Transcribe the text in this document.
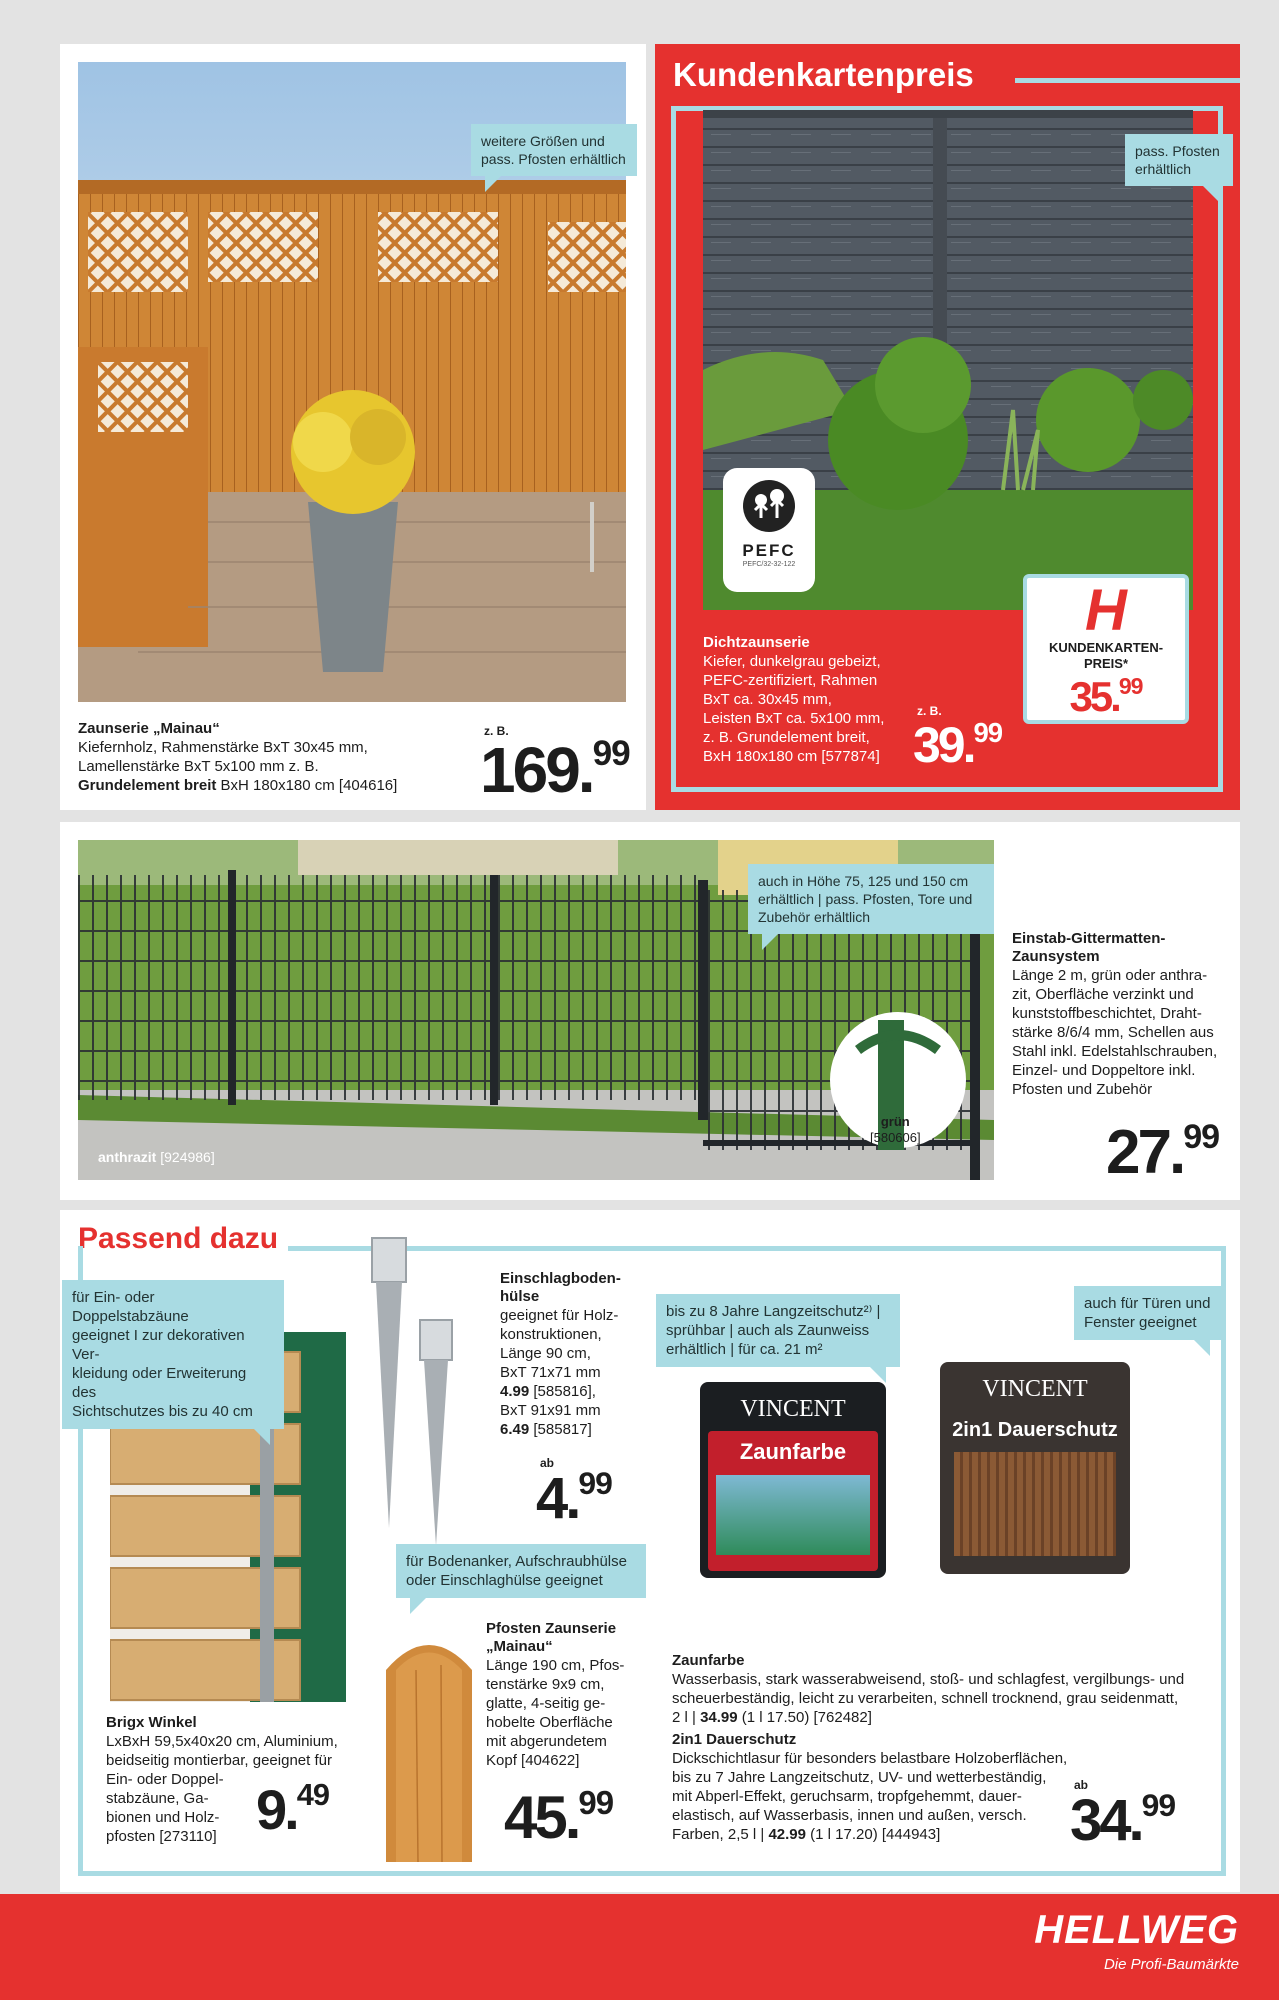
weitere Größen und pass. Pfosten erhältlich
Zaunserie „Mainau“
Kiefernholz, Rahmenstärke BxT 30x45 mm,
Lamellenstärke BxT 5x100 mm z. B.
Grundelement breit BxH 180x180 cm [404616]
z. B.
169.99
Kundenkartenpreis
pass. Pfosten erhältlich
PEFC
PEFC/32-32-122
Dichtzaunserie
Kiefer, dunkelgrau gebeizt,
PEFC-zertifiziert, Rahmen
BxT ca. 30x45 mm,
Leisten BxT ca. 5x100 mm,
z. B. Grundelement breit,
BxH 180x180 cm [577874]
z. B.
39.99
H
KUNDENKARTEN-
PREIS*
35.99
auch in Höhe 75, 125 und 150 cm
erhältlich | pass. Pfosten, Tore und
Zubehör erhältlich
anthrazit [924986]
grün
[580606]
Einstab-Gittermatten-
Zaunsystem
Länge 2 m, grün oder anthra-
zit, Oberfläche verzinkt und
kunststoffbeschichtet, Draht-
stärke 8/6/4 mm, Schellen aus
Stahl inkl. Edelstahlschrauben,
Einzel- und Doppeltore inkl.
Pfosten und Zubehör
27.99
Passend dazu
für Ein- oder Doppelstabzäune
geeignet I zur dekorativen Ver-
kleidung oder Erweiterung des
Sichtschutzes bis zu 40 cm
Brigx Winkel
LxBxH 59,5x40x20 cm, Aluminium,
beidseitig montierbar, geeignet für
Ein- oder Doppel-
stabzäune, Ga-
bionen und Holz-
pfosten [273110] 9.49
Einschlagboden-
hülse
geeignet für Holz-
konstruktionen,
Länge 90 cm,
BxT 71x71 mm
4.99 [585816],
BxT 91x91 mm
6.49 [585817]
ab
4.99
für Bodenanker, Aufschraubhülse
oder Einschlaghülse geeignet
Pfosten Zaunserie
„Mainau“
Länge 190 cm, Pfos-
tenstärke 9x9 cm,
glatte, 4-seitig ge-
hobelte Oberfläche
mit abgerundetem
Kopf [404622]
45.99
bis zu 8 Jahre Langzeitschutz²⁾ |
sprühbar | auch als Zaunweiss
erhältlich | für ca. 21 m²
VINCENT
Zaunfarbe
auch für Türen und
Fenster geeignet
VINCENT
2in1 Dauerschutz
Zaunfarbe
Wasserbasis, stark wasserabweisend, stoß- und schlagfest, vergilbungs- und
scheuerbeständig, leicht zu verarbeiten, schnell trocknend, grau seidenmatt,
2 l | 34.99 (1 l 17.50) [762482]
2in1 Dauerschutz
Dickschichtlasur für besonders belastbare Holzoberflächen,
bis zu 7 Jahre Langzeitschutz, UV- und wetterbeständig,
mit Abperl-Effekt, geruchsarm, tropfgehemmt, dauer-
elastisch, auf Wasserbasis, innen und außen, versch.
Farben, 2,5 l | 42.99 (1 l 17.20) [444943]
ab
34.99
HELLWEG
Die Profi-Baumärkte
